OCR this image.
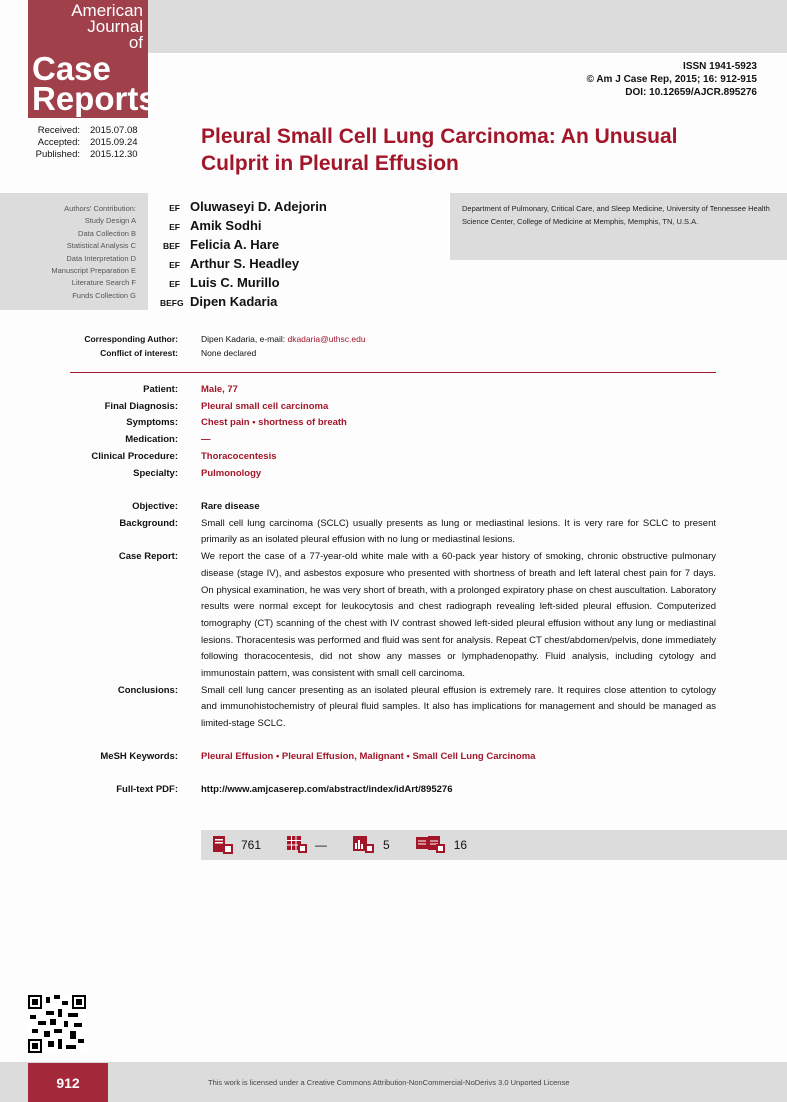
American
Journal
of
Case
Reports
ISSN 1941-5923
© Am J Case Rep, 2015; 16: 912-915
DOI: 10.12659/AJCR.895276
Received:	2015.07.08
Accepted:	2015.09.24
Published:	2015.12.30
Pleural Small Cell Lung Carcinoma: An Unusual Culprit in Pleural Effusion
Authors' Contribution:
Study Design A
Data Collection B
Statistical Analysis C
Data Interpretation D
Manuscript Preparation E
Literature Search F
Funds Collection G
EF Oluwaseyi D. Adejorin
EF Amik Sodhi
BEF Felicia A. Hare
EF Arthur S. Headley
EF Luis C. Murillo
BEFG Dipen Kadaria
Department of Pulmonary, Critical Care, and Sleep Medicine, University of Tennessee Health Science Center, College of Medicine at Memphis, Memphis, TN, U.S.A.
Corresponding Author:	Dipen Kadaria, e-mail: dkadaria@uthsc.edu
Conflict of interest:	None declared
Patient: Male, 77
Final Diagnosis: Pleural small cell carcinoma
Symptoms: Chest pain • shortness of breath
Medication: —
Clinical Procedure: Thoracocentesis
Specialty: Pulmonology
Objective: Rare disease
Background: Small cell lung carcinoma (SCLC) usually presents as lung or mediastinal lesions. It is very rare for SCLC to present primarily as an isolated pleural effusion with no lung or mediastinal lesions.
Case Report: We report the case of a 77-year-old white male with a 60-pack year history of smoking, chronic obstructive pulmonary disease (stage IV), and asbestos exposure who presented with shortness of breath and left lateral chest pain for 7 days. On physical examination, he was very short of breath, with a prolonged expiratory phase on chest auscultation. Laboratory results were normal except for leukocytosis and chest radiograph revealing left-sided pleural effusion. Computerized tomography (CT) scanning of the chest with IV contrast showed left-sided pleural effusion without any lung or mediastinal lesions. Thoracentesis was performed and fluid was sent for analysis. Repeat CT chest/abdomen/pelvis, done immediately following thoracocentesis, did not show any masses or lymphadenopathy. Fluid analysis, including cytology and immunostain pattern, was consistent with small cell carcinoma.
Conclusions: Small cell lung cancer presenting as an isolated pleural effusion is extremely rare. It requires close attention to cytology and immunohistochemistry of pleural fluid samples. It also has implications for management and should be managed as limited-stage SCLC.
MeSH Keywords: Pleural Effusion • Pleural Effusion, Malignant • Small Cell Lung Carcinoma
Full-text PDF: http://www.amjcaserep.com/abstract/index/idArt/895276
761	—	5	16
912	This work is licensed under a Creative Commons Attribution-NonCommercial-NoDerivs 3.0 Unported License
